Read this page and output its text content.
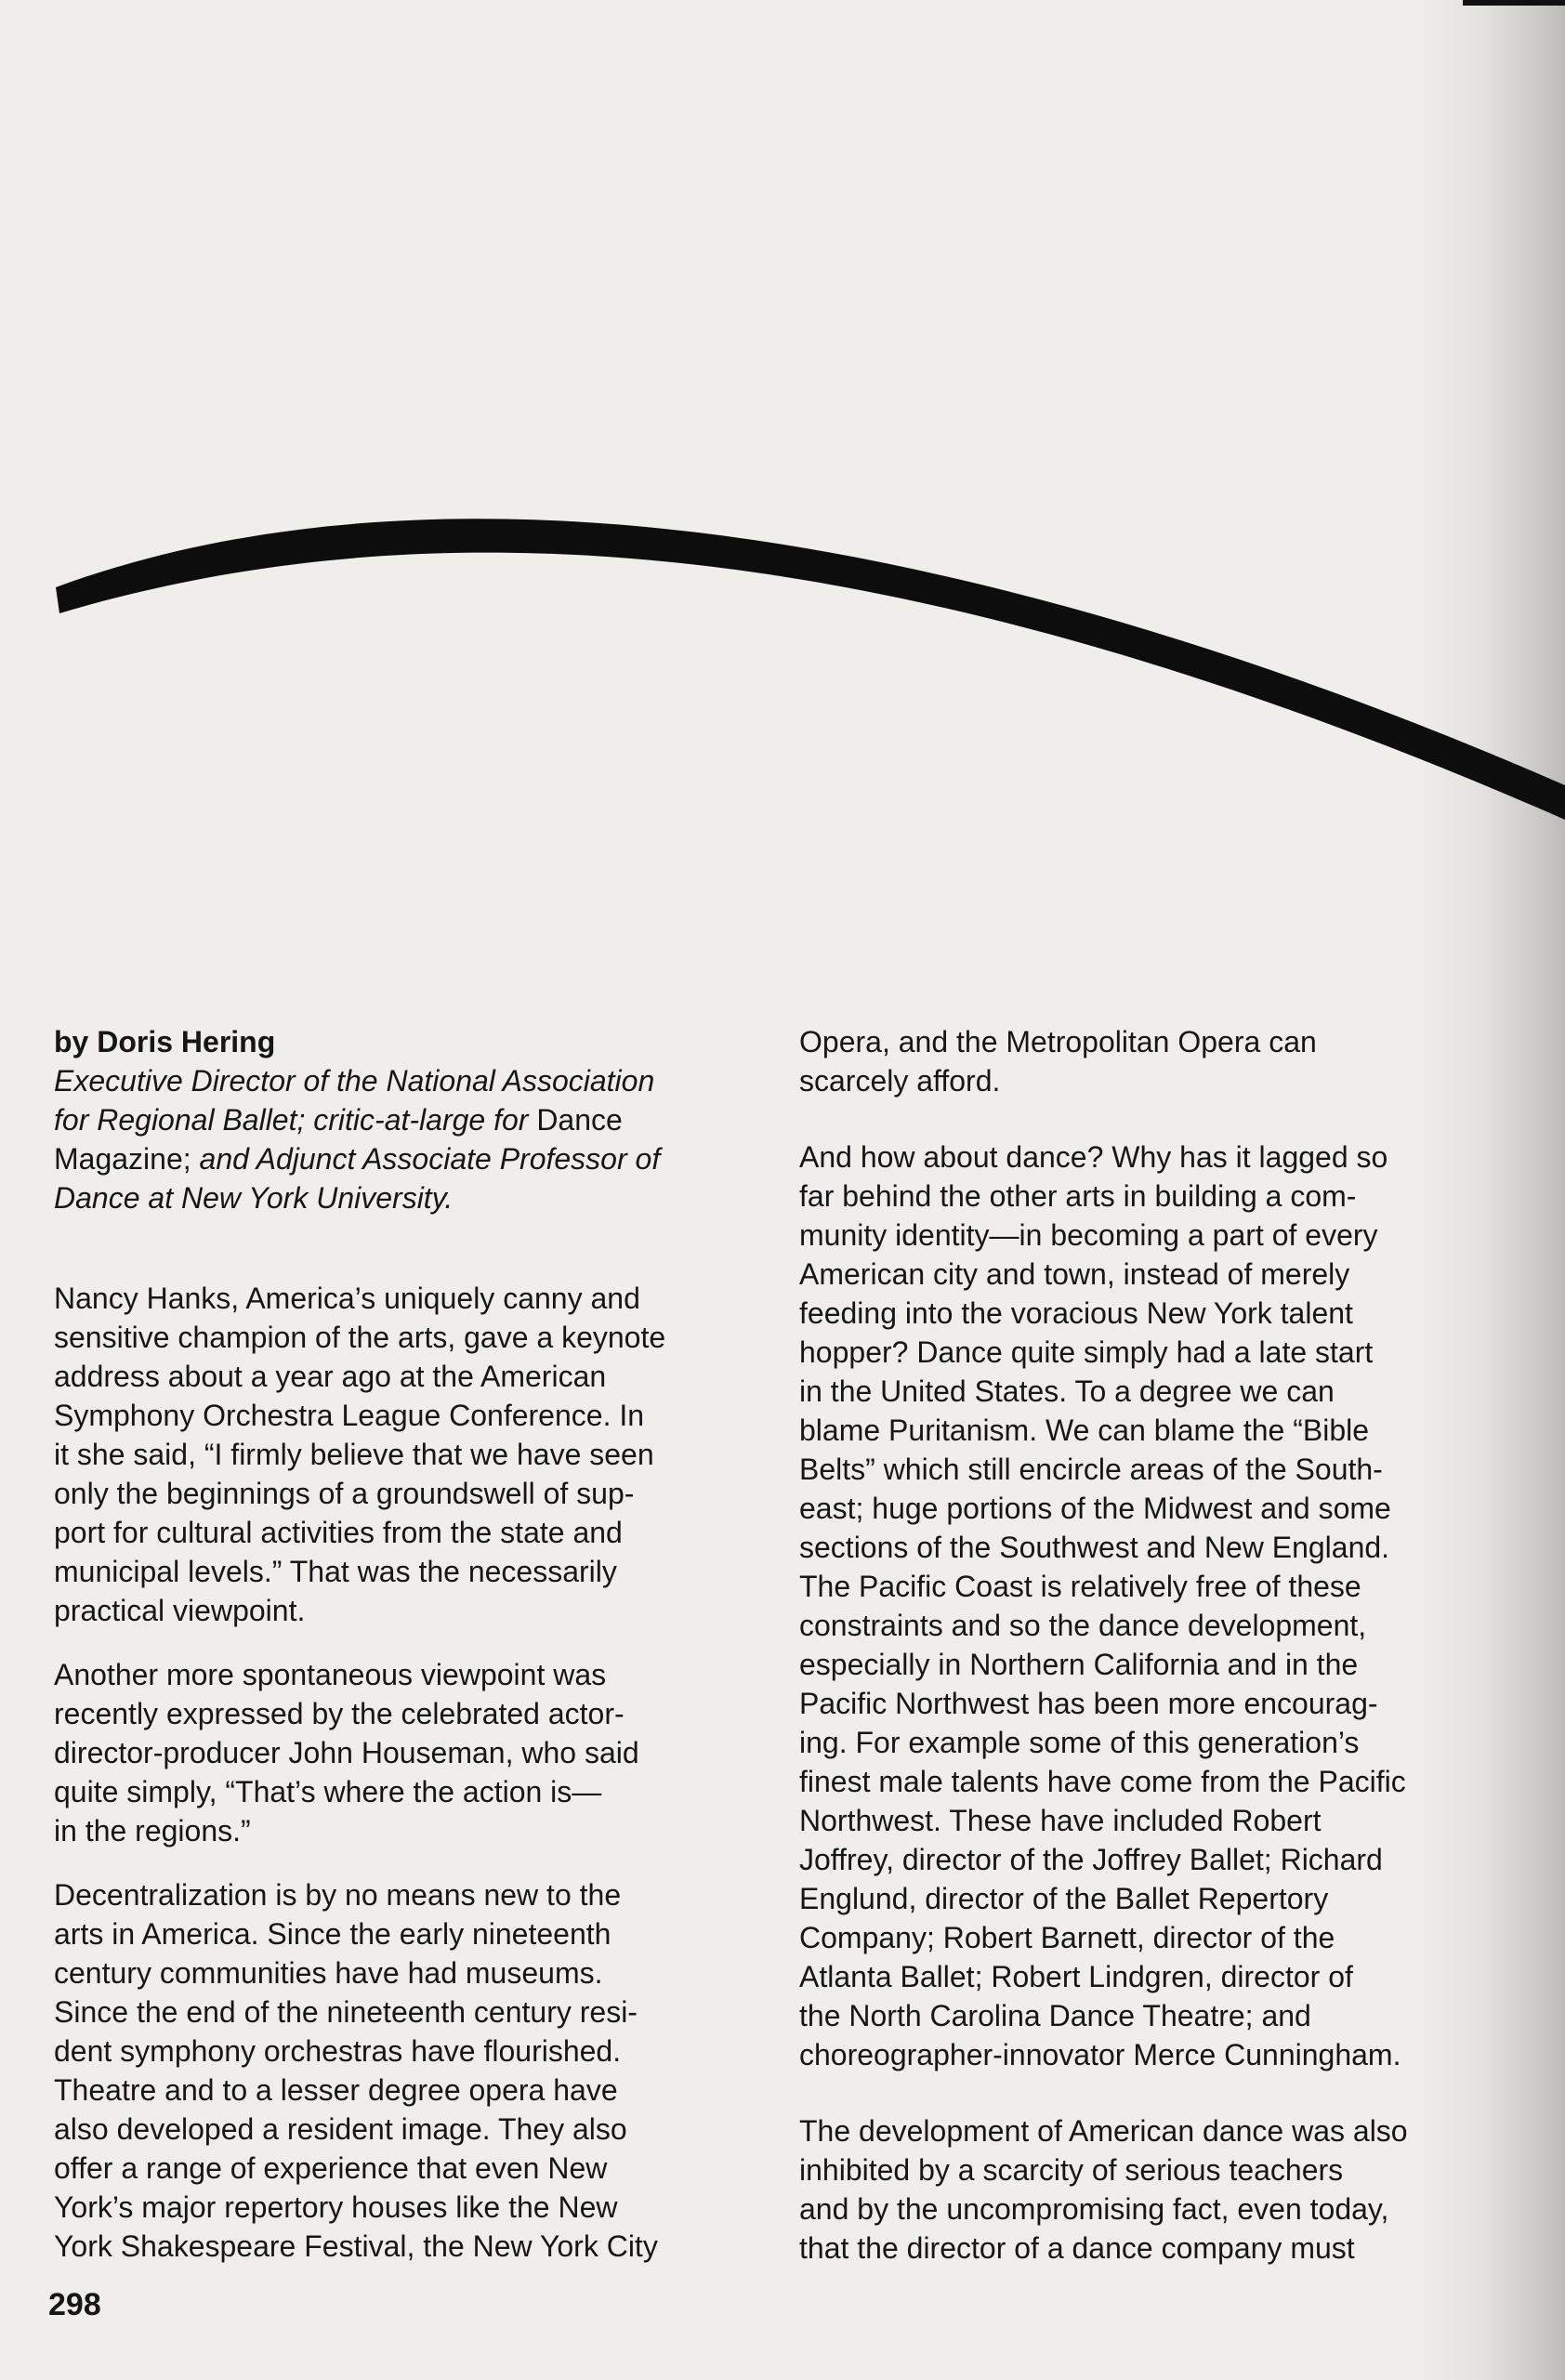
by Doris Hering

Executive Director of the National Association
for Regional Ballet; critic-at-large for Dance
Magazine; and Adjunct Associate Professor of
Dance at New York University.

Nancy Hanks, America’s uniquely canny and
sensitive champion of the arts, gave a keynote
address about a year ago at the American
Symphony Orchestra League Conference. In
it she said, “I firmly believe that we have seen
only the beginnings of a groundswell of sup-
port for cultural activities from the state and
municipal levels.” That was the necessarily
practical viewpoint.

Another more spontaneous viewpoint was
recently expressed by the celebrated actor-
director-producer John Houseman, who said
quite simply, “That’s where the action is—
in the regions.”

Decentralization is by no means new to the
arts in America. Since the early nineteenth
century communities have had museums.
Since the end of the nineteenth century resi-
dent symphony orchestras have flourished.
Theatre and to a lesser degree opera have
also developed a resident image. They also
offer a range of experience that even New
York’s major repertory houses like the New
York Shakespeare Festival, the New York City

Opera, and the Metropolitan Opera can
scarcely afford.

And how about dance? Why has it lagged so
far behind the other arts in building a com-
munity identity—in becoming a part of every
American city and town, instead of merely
feeding into the voracious New York talent
hopper? Dance quite simply had a late start
in the United States. To a degree we can
blame Puritanism. We can blame the “Bible
Belts” which still encircle areas of the South-
east; huge portions of the Midwest and some
sections of the Southwest and New England.
The Pacific Coast is relatively free of these
constraints and so the dance development,
especially in Northern California and in the
Pacific Northwest has been more encourag-
ing. For example some of this generation’s
finest male talents have come from the Pacific
Northwest. These have included Robert
Joffrey, director of the Joffrey Ballet; Richard
Englund, director of the Ballet Repertory
Company; Robert Barnett, director of the
Atlanta Ballet; Robert Lindgren, director of
the North Carolina Dance Theatre; and
choreographer-innovator Merce Cunningham.

The development of American dance was also
inhibited by a scarcity of serious teachers
and by the uncompromising fact, even today,
that the director of a dance company must

298
